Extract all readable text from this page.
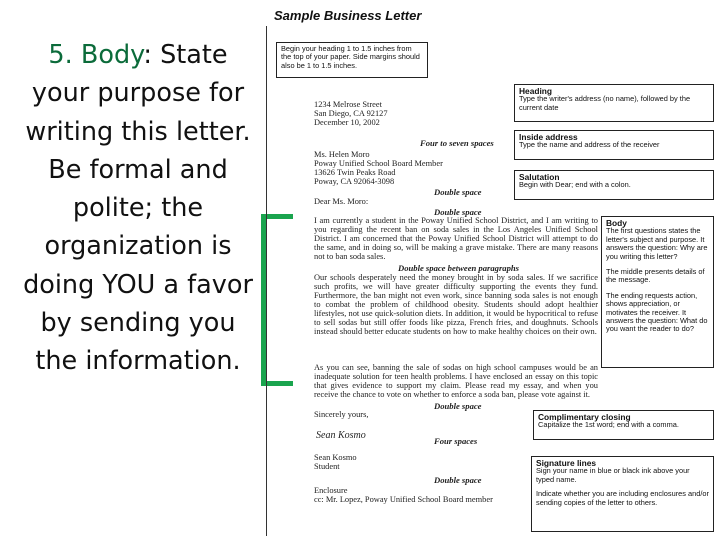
5. Body: State your purpose for writing this letter. Be formal and polite; the organization is doing YOU a favor by sending you the information.
Sample Business Letter
Begin your heading 1 to 1.5 inches from the top of your paper. Side margins should also be 1 to 1.5 inches.
Heading
Type the writer's address (no name), followed by the current date
Inside address
Type the name and address of the receiver
Salutation
Begin with Dear; end with a colon.
Body
The first questions states the letter's subject and purpose. It answers the question: Why are you writing this letter?
The middle presents details of the message.
The ending requests action, shows appreciation, or motivates the receiver. It answers the question: What do you want the reader to do?
Complimentary closing
Capitalize the 1st word; end with a comma.
Signature lines
Sign your name in blue or black ink above your typed name.
Indicate whether you are including enclosures and/or sending copies of the letter to others.
1234 Melrose Street
San Diego, CA 92127
December 10, 2002
Four to seven spaces
Ms. Helen Moro
Poway Unified School Board Member
13626 Twin Peaks Road
Poway, CA 92064-3098
Double space
Dear Ms. Moro:
Double space
I am currently a student in the Poway Unified School District, and I am writing to you regarding the recent ban on soda sales in the Los Angeles Unified School District. I am concerned that the Poway Unified School District will attempt to do the same, and in doing so, will be making a grave mistake. There are many reasons not to ban soda sales.
Double space between paragraphs
Our schools desperately need the money brought in by soda sales. If we sacrifice such profits, we will have greater difficulty supporting the events they fund. Furthermore, the ban might not even work, since banning soda sales is not enough to combat the problem of childhood obesity. Students should adopt healthier lifestyles, not use quick-solution diets. In addition, it would be hypocritical to refuse to sell sodas but still offer foods like pizza, French fries, and doughnuts. Schools instead should better educate students on how to make healthy choices on their own.
As you can see, banning the sale of sodas on high school campuses would be an inadequate solution for teen health problems. I have enclosed an essay on this topic that gives evidence to support my claim. Please read my essay, and when you receive the chance to vote on whether to enforce a soda ban, please vote against it.
Double space
Sincerely yours,
Sean Kosmo	Four spaces
Sean Kosmo
Student
Double space
Enclosure
cc: Mr. Lopez, Poway Unified School Board member
